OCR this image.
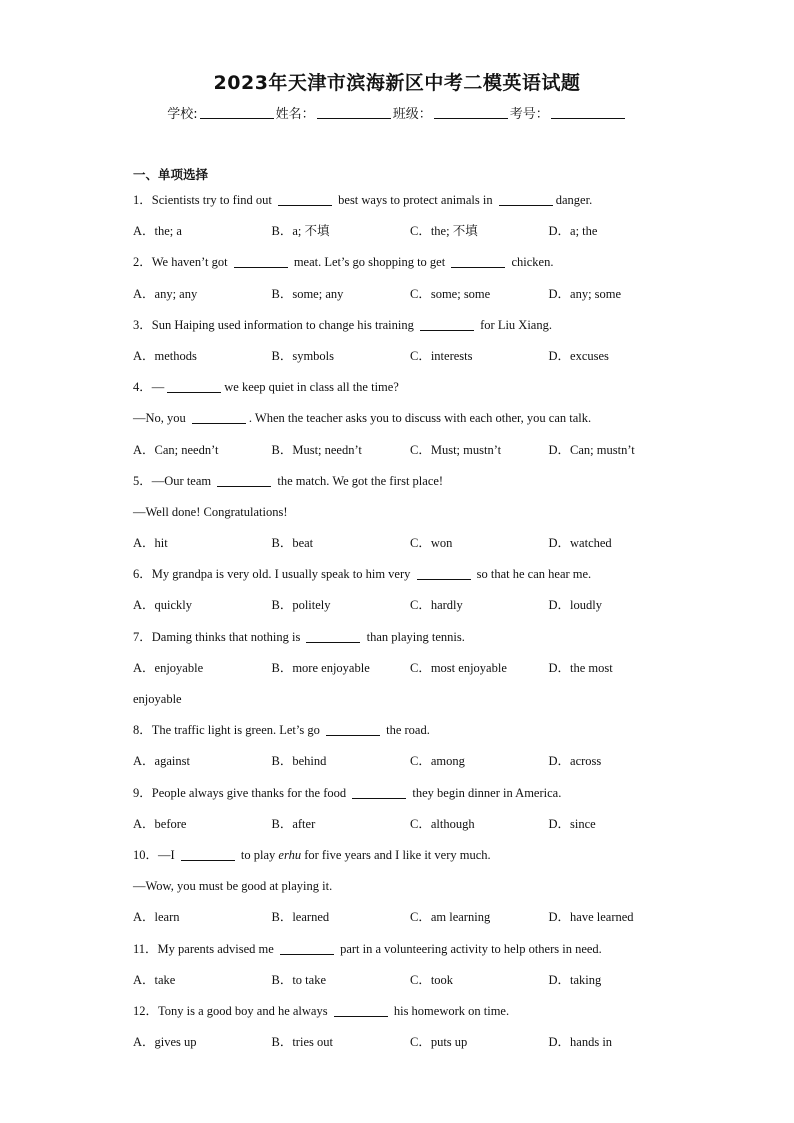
2023年天津市滨海新区中考二模英语试题
学校:	姓名：	班级：	考号：
一、单项选择
1．Scientists try to find out	best ways to protect animals in	danger.
A．the; a	B．a; 不填	C．the; 不填	D．a; the
2．We haven’t got	meat. Let’s go shopping to get	chicken.
A．any; any	B．some; any	C．some; some	D．any; some
3．Sun Haiping used information to change his training	for Liu Xiang.
A．methods	B．symbols	C．interests	D．excuses
4．—	we keep quiet in class all the time?
—No, you	. When the teacher asks you to discuss with each other, you can talk.
A．Can; needn’t	B．Must; needn’t	C．Must; mustn’t	D．Can; mustn’t
5．—Our team	the match. We got the first place!
—Well done! Congratulations!
A．hit	B．beat	C．won	D．watched
6．My grandpa is very old. I usually speak to him very	so that he can hear me.
A．quickly	B．politely	C．hardly	D．loudly
7．Daming thinks that nothing is	than playing tennis.
A．enjoyable	B．more enjoyable	C．most enjoyable	D．the most
enjoyable
8．The traffic light is green. Let’s go	the road.
A．against	B．behind	C．among	D．across
9．People always give thanks for the food	they begin dinner in America.
A．before	B．after	C．although	D．since
10．—I	to play erhu for five years and I like it very much.
—Wow, you must be good at playing it.
A．learn	B．learned	C．am learning	D．have learned
11．My parents advised me	part in a volunteering activity to help others in need.
A．take	B．to take	C．took	D．taking
12．Tony is a good boy and he always	his homework on time.
A．gives up	B．tries out	C．puts up	D．hands in
